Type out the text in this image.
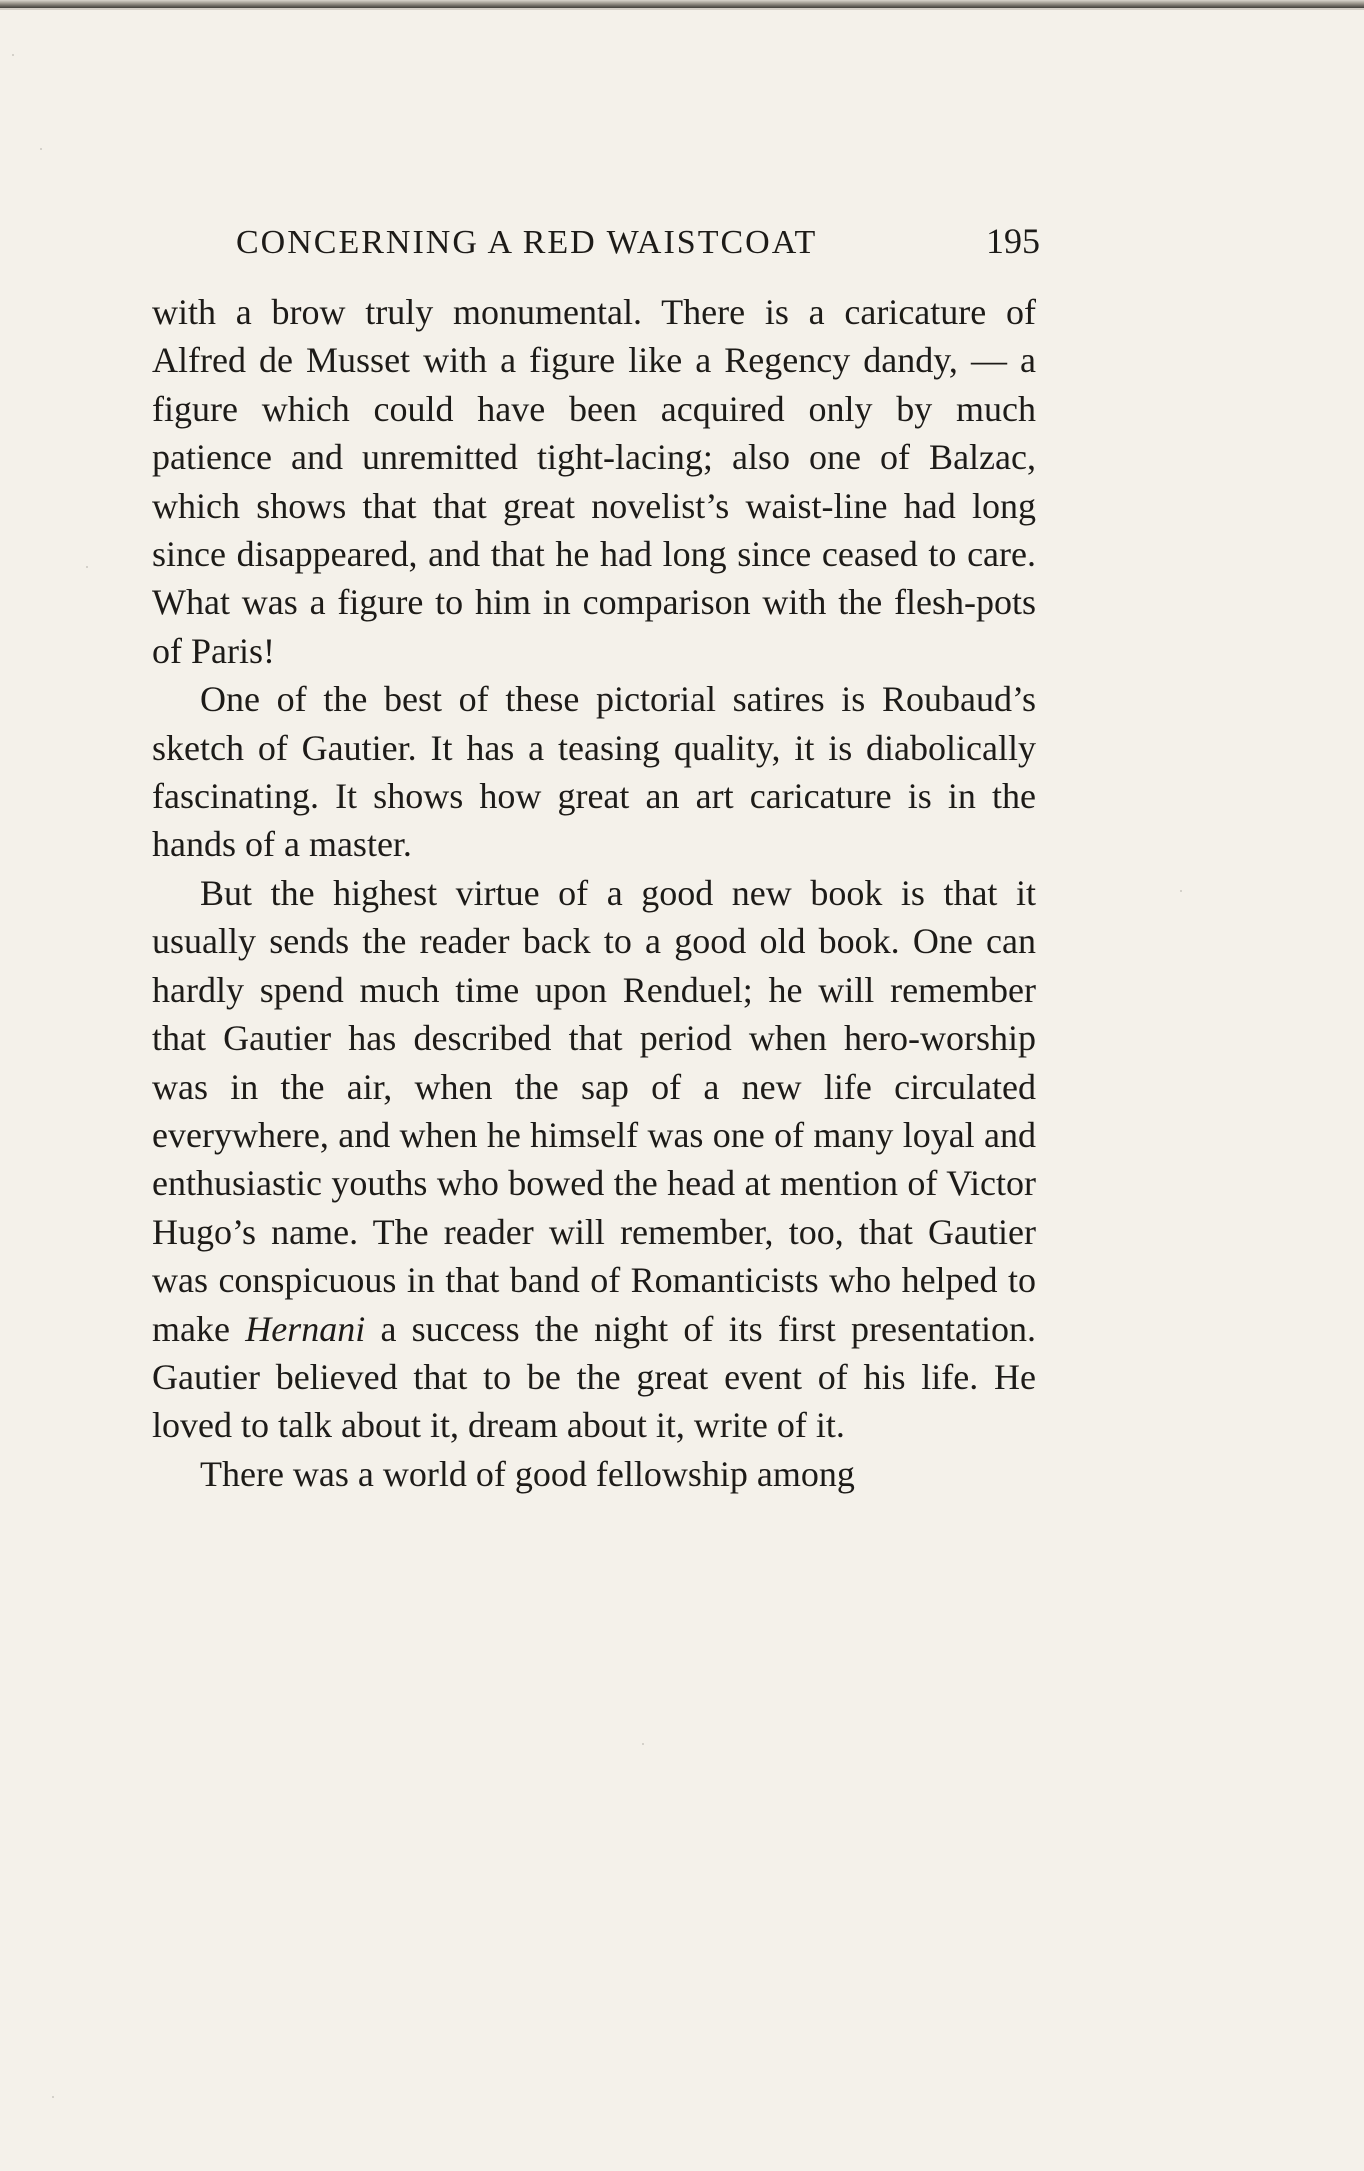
CONCERNING A RED WAISTCOAT	195

with a brow truly monumental. There is a caricature of Alfred de Musset with a figure like a Regency dandy, — a figure which could have been acquired only by much patience and unremitted tight-lacing; also one of Balzac, which shows that that great novelist’s waist-line had long since disappeared, and that he had long since ceased to care. What was a figure to him in comparison with the flesh-pots of Paris!

One of the best of these pictorial satires is Roubaud’s sketch of Gautier. It has a teasing quality, it is diabolically fascinating. It shows how great an art caricature is in the hands of a master.

But the highest virtue of a good new book is that it usually sends the reader back to a good old book. One can hardly spend much time upon Renduel; he will remember that Gautier has described that period when hero-worship was in the air, when the sap of a new life circulated everywhere, and when he himself was one of many loyal and enthusiastic youths who bowed the head at mention of Victor Hugo’s name. The reader will remember, too, that Gautier was conspicuous in that band of Romanticists who helped to make Hernani a success the night of its first presentation. Gautier believed that to be the great event of his life. He loved to talk about it, dream about it, write of it.

There was a world of good fellowship among
